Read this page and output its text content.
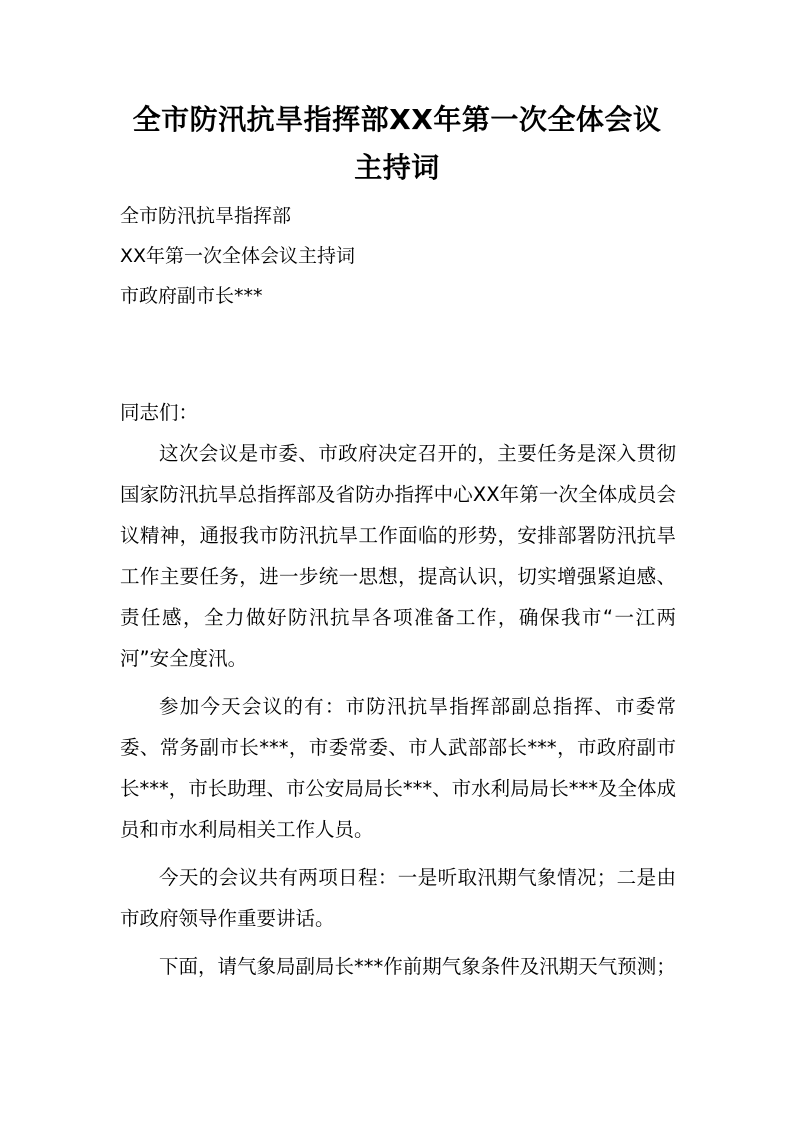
全市防汛抗旱指挥部XX年第一次全体会议
主持词
全市防汛抗旱指挥部
XX年第一次全体会议主持词
市政府副市长***
同志们：

这次会议是市委、市政府决定召开的，主要任务是深入贯彻国家防汛抗旱总指挥部及省防办指挥中心XX年第一次全体成员会议精神，通报我市防汛抗旱工作面临的形势，安排部署防汛抗旱工作主要任务，进一步统一思想，提高认识，切实增强紧迫感、责任感，全力做好防汛抗旱各项准备工作，确保我市“一江两河”安全度汛。

参加今天会议的有：市防汛抗旱指挥部副总指挥、市委常委、常务副市长***，市委常委、市人武部部长***，市政府副市长***，市长助理、市公安局局长***、市水利局局长***及全体成员和市水利局相关工作人员。

今天的会议共有两项日程：一是听取汛期气象情况；二是由市政府领导作重要讲话。

下面，请气象局副局长***作前期气象条件及汛期天气预测；
